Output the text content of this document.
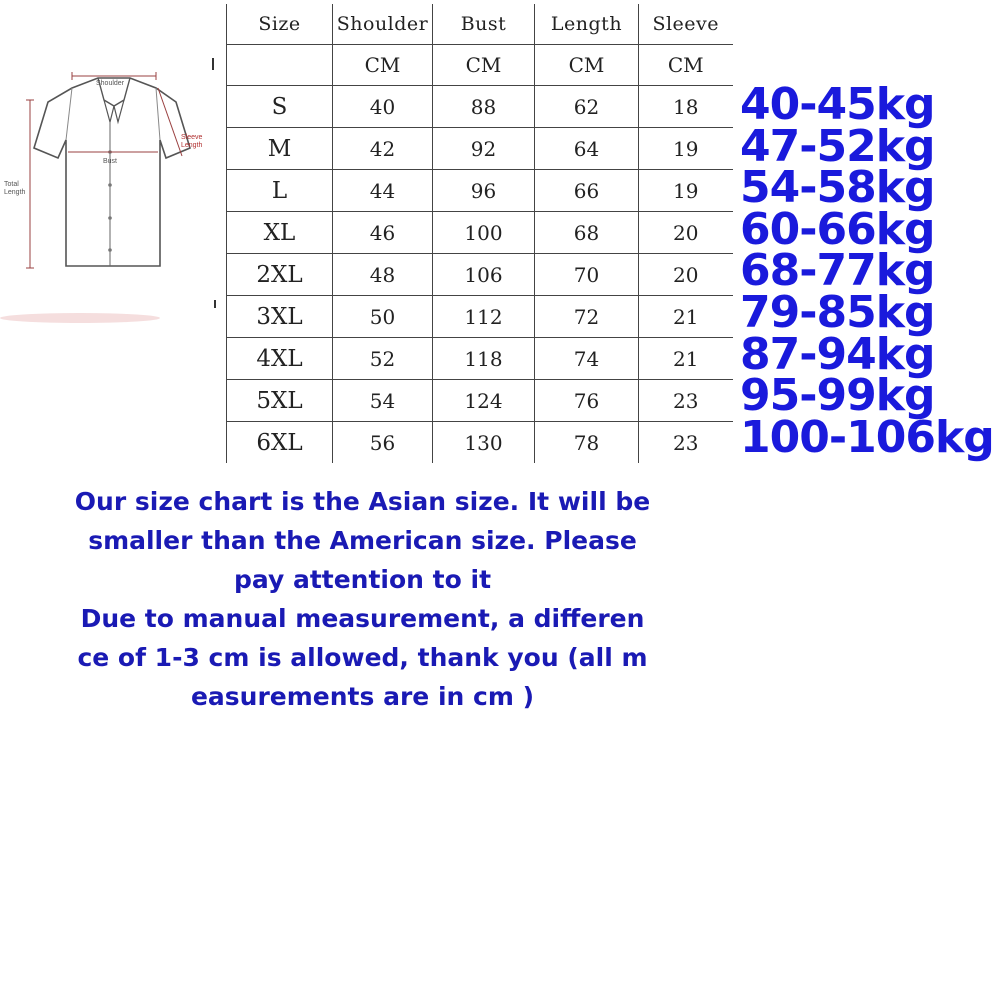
Shoulder
Sleeve
Length
Bust
Total
Length
Size	Shoulder	Bust	Length	Sleeve
	CM	CM	CM	CM
S	40	88	62	18
M	42	92	64	19
L	44	96	66	19
XL	46	100	68	20
2XL	48	106	70	20
3XL	50	112	72	21
4XL	52	118	74	21
5XL	54	124	76	23
6XL	56	130	78	23
40-45kg
47-52kg
54-58kg
60-66kg
68-77kg
79-85kg
87-94kg
95-99kg
100-106kg
Our size chart is the Asian size. It will be
smaller than the American size. Please
pay attention to it
Due to manual measurement, a differen
ce of 1-3 cm is allowed, thank you (all m
easurements are in cm )
